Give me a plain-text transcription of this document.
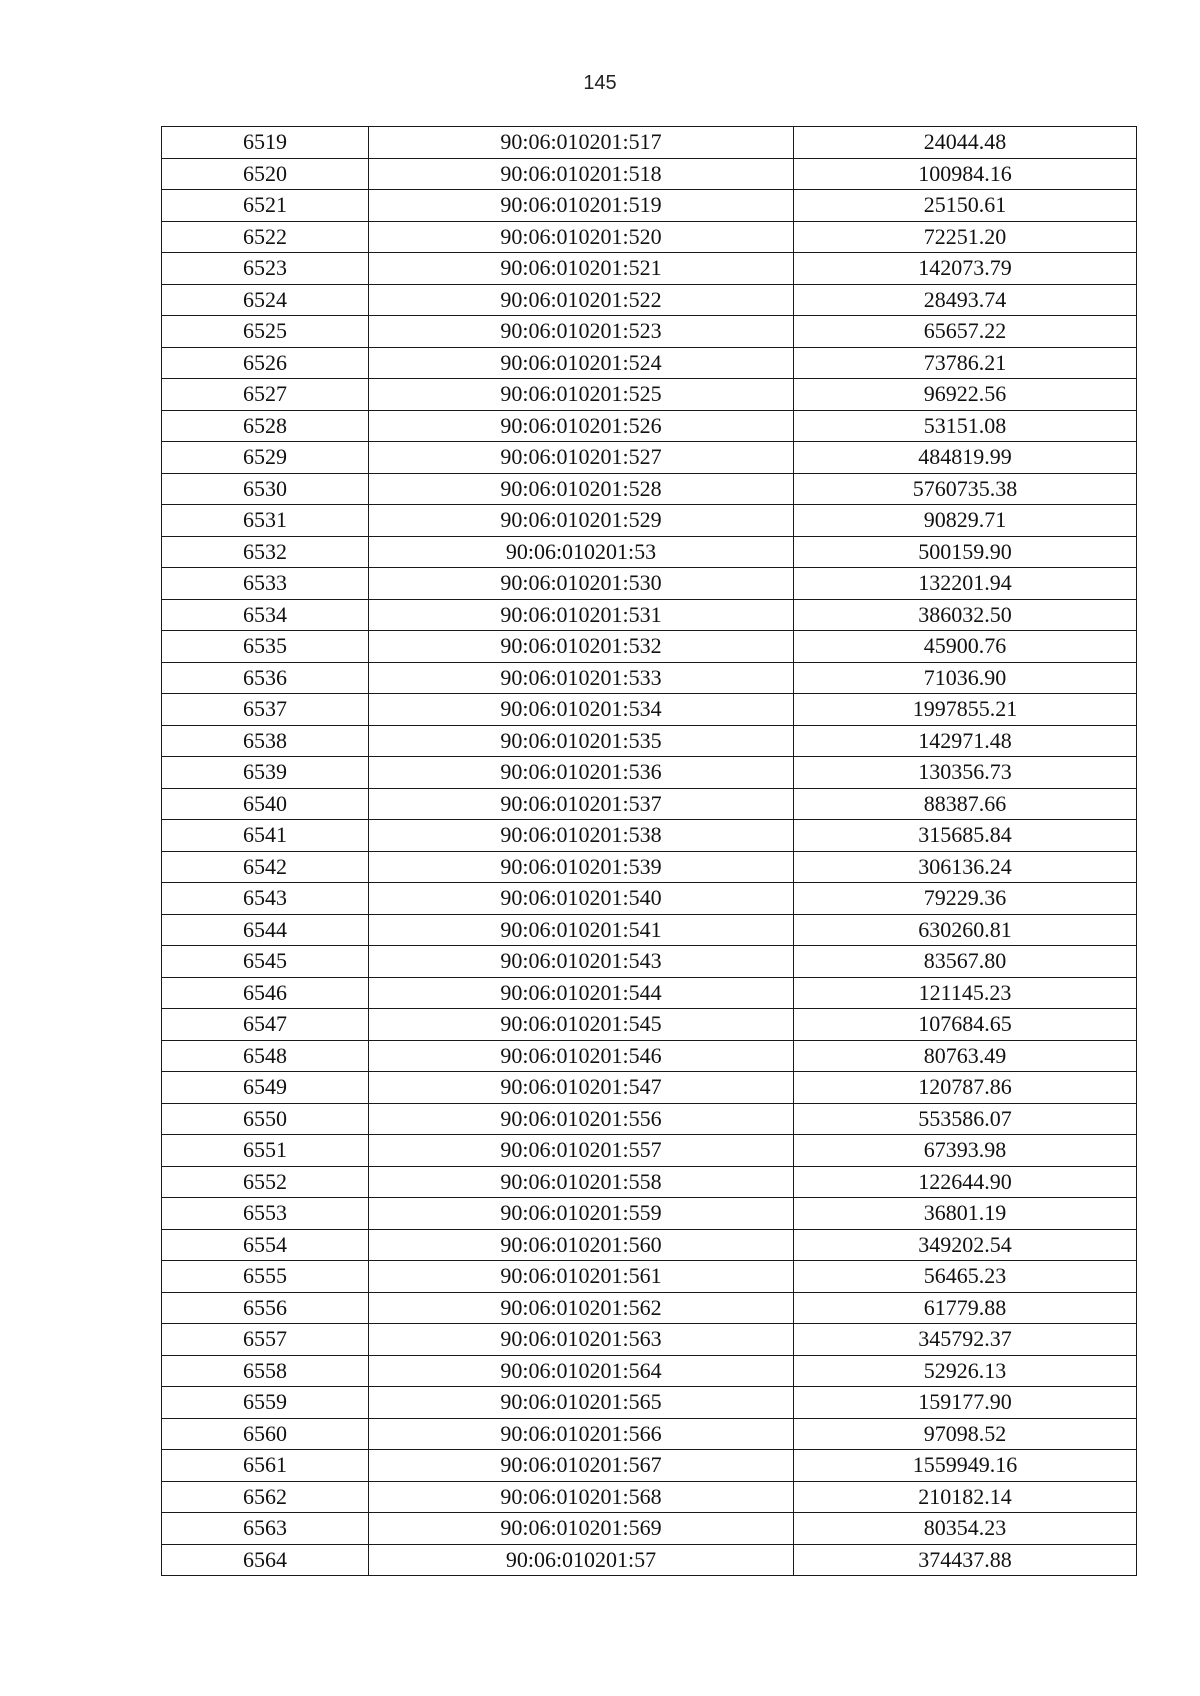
145
6519	90:06:010201:517	24044.48
6520	90:06:010201:518	100984.16
6521	90:06:010201:519	25150.61
6522	90:06:010201:520	72251.20
6523	90:06:010201:521	142073.79
6524	90:06:010201:522	28493.74
6525	90:06:010201:523	65657.22
6526	90:06:010201:524	73786.21
6527	90:06:010201:525	96922.56
6528	90:06:010201:526	53151.08
6529	90:06:010201:527	484819.99
6530	90:06:010201:528	5760735.38
6531	90:06:010201:529	90829.71
6532	90:06:010201:53	500159.90
6533	90:06:010201:530	132201.94
6534	90:06:010201:531	386032.50
6535	90:06:010201:532	45900.76
6536	90:06:010201:533	71036.90
6537	90:06:010201:534	1997855.21
6538	90:06:010201:535	142971.48
6539	90:06:010201:536	130356.73
6540	90:06:010201:537	88387.66
6541	90:06:010201:538	315685.84
6542	90:06:010201:539	306136.24
6543	90:06:010201:540	79229.36
6544	90:06:010201:541	630260.81
6545	90:06:010201:543	83567.80
6546	90:06:010201:544	121145.23
6547	90:06:010201:545	107684.65
6548	90:06:010201:546	80763.49
6549	90:06:010201:547	120787.86
6550	90:06:010201:556	553586.07
6551	90:06:010201:557	67393.98
6552	90:06:010201:558	122644.90
6553	90:06:010201:559	36801.19
6554	90:06:010201:560	349202.54
6555	90:06:010201:561	56465.23
6556	90:06:010201:562	61779.88
6557	90:06:010201:563	345792.37
6558	90:06:010201:564	52926.13
6559	90:06:010201:565	159177.90
6560	90:06:010201:566	97098.52
6561	90:06:010201:567	1559949.16
6562	90:06:010201:568	210182.14
6563	90:06:010201:569	80354.23
6564	90:06:010201:57	374437.88
